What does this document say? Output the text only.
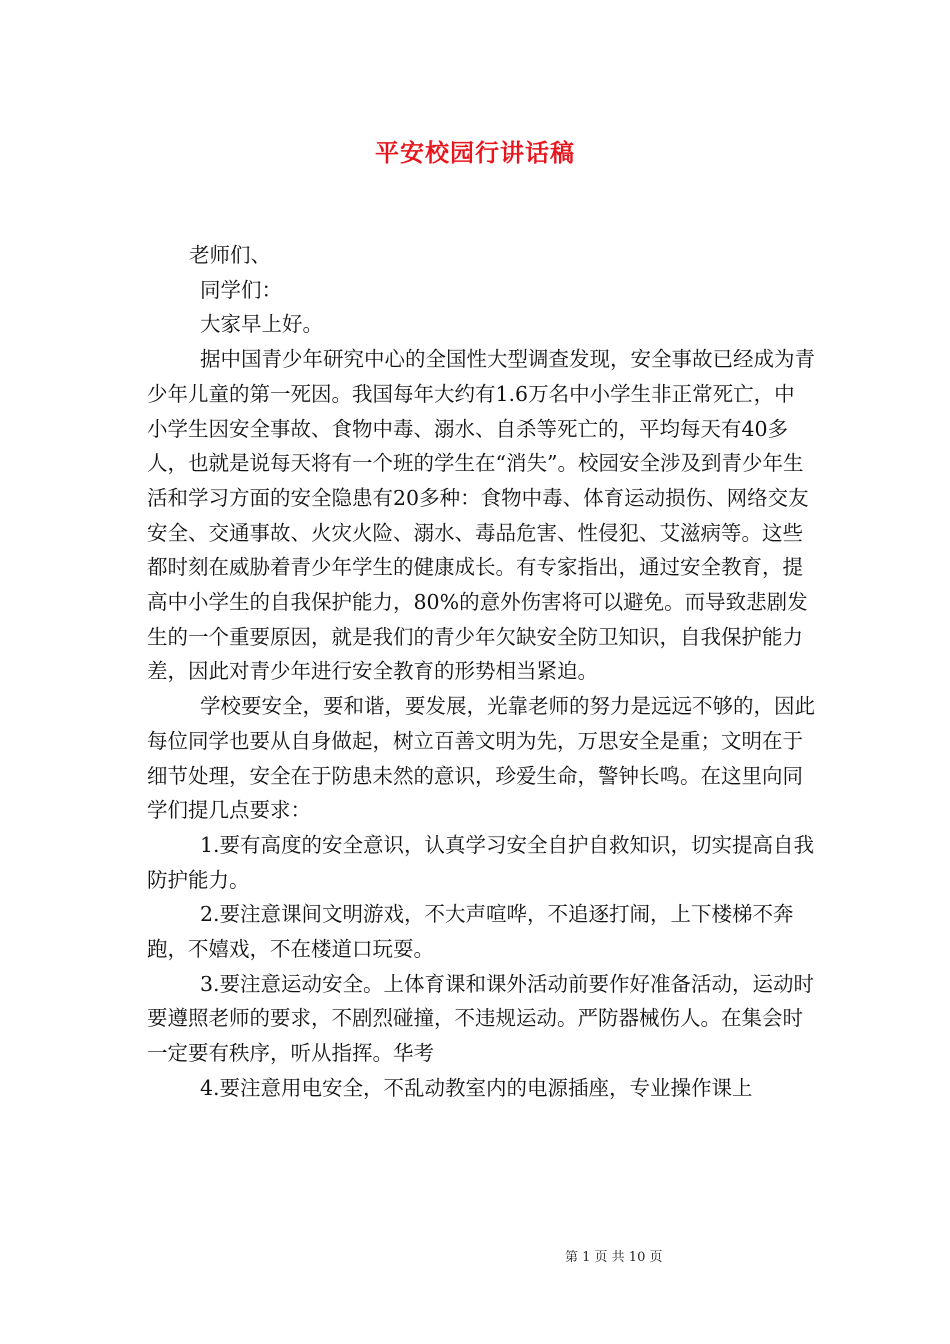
平安校园行讲话稿

老师们、

同学们：

大家早上好。

据中国青少年研究中心的全国性大型调查发现，安全事故已经成为青少年儿童的第一死因。我国每年大约有1.6万名中小学生非正常死亡，中小学生因安全事故、食物中毒、溺水、自杀等死亡的，平均每天有40多人，也就是说每天将有一个班的学生在“消失”。校园安全涉及到青少年生活和学习方面的安全隐患有20多种：食物中毒、体育运动损伤、网络交友安全、交通事故、火灾火险、溺水、毒品危害、性侵犯、艾滋病等。这些都时刻在威胁着青少年学生的健康成长。有专家指出，通过安全教育，提高中小学生的自我保护能力，80%的意外伤害将可以避免。而导致悲剧发生的一个重要原因，就是我们的青少年欠缺安全防卫知识，自我保护能力差，因此对青少年进行安全教育的形势相当紧迫。

学校要安全，要和谐，要发展，光靠老师的努力是远远不够的，因此每位同学也要从自身做起，树立百善文明为先，万思安全是重；文明在于细节处理，安全在于防患未然的意识，珍爱生命，警钟长鸣。在这里向同学们提几点要求：

1.要有高度的安全意识，认真学习安全自护自救知识，切实提高自我防护能力。

2.要注意课间文明游戏，不大声喧哗，不追逐打闹，上下楼梯不奔跑，不嬉戏，不在楼道口玩耍。

3.要注意运动安全。上体育课和课外活动前要作好准备活动，运动时要遵照老师的要求，不剧烈碰撞，不违规运动。严防器械伤人。在集会时一定要有秩序，听从指挥。华考

4.要注意用电安全，不乱动教室内的电源插座，专业操作课上

第 1 页 共 10 页
